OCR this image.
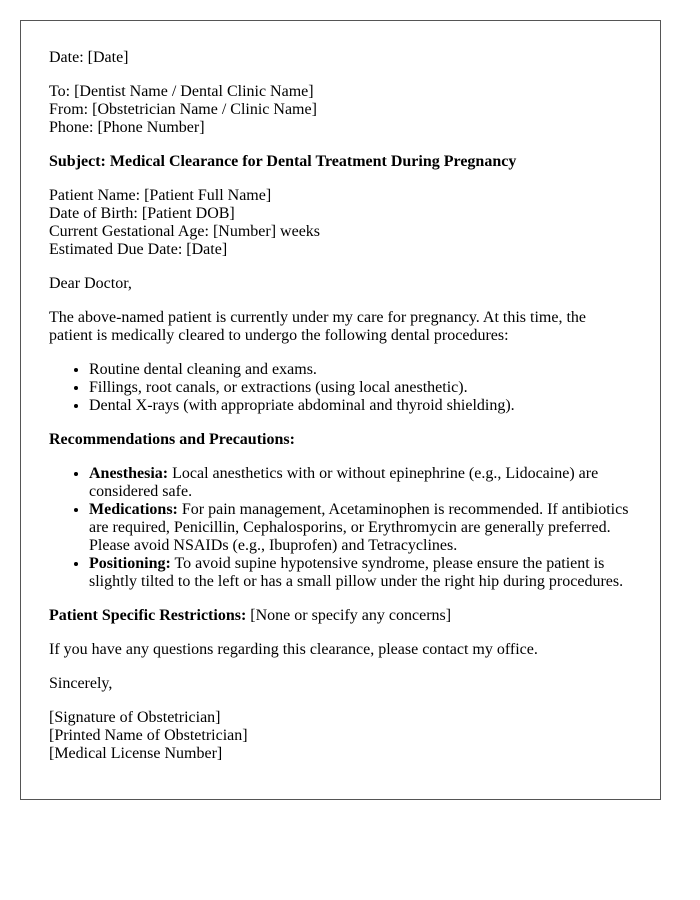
Date: [Date]

To: [Dentist Name / Dental Clinic Name]
From: [Obstetrician Name / Clinic Name]
Phone: [Phone Number]

Subject: Medical Clearance for Dental Treatment During Pregnancy

Patient Name: [Patient Full Name]
Date of Birth: [Patient DOB]
Current Gestational Age: [Number] weeks
Estimated Due Date: [Date]

Dear Doctor,

The above-named patient is currently under my care for pregnancy. At this time, the patient is medically cleared to undergo the following dental procedures:

• Routine dental cleaning and exams.
• Fillings, root canals, or extractions (using local anesthetic).
• Dental X-rays (with appropriate abdominal and thyroid shielding).

Recommendations and Precautions:

• Anesthesia: Local anesthetics with or without epinephrine (e.g., Lidocaine) are considered safe.
• Medications: For pain management, Acetaminophen is recommended. If antibiotics are required, Penicillin, Cephalosporins, or Erythromycin are generally preferred. Please avoid NSAIDs (e.g., Ibuprofen) and Tetracyclines.
• Positioning: To avoid supine hypotensive syndrome, please ensure the patient is slightly tilted to the left or has a small pillow under the right hip during procedures.

Patient Specific Restrictions: [None or specify any concerns]

If you have any questions regarding this clearance, please contact my office.

Sincerely,

[Signature of Obstetrician]
[Printed Name of Obstetrician]
[Medical License Number]
